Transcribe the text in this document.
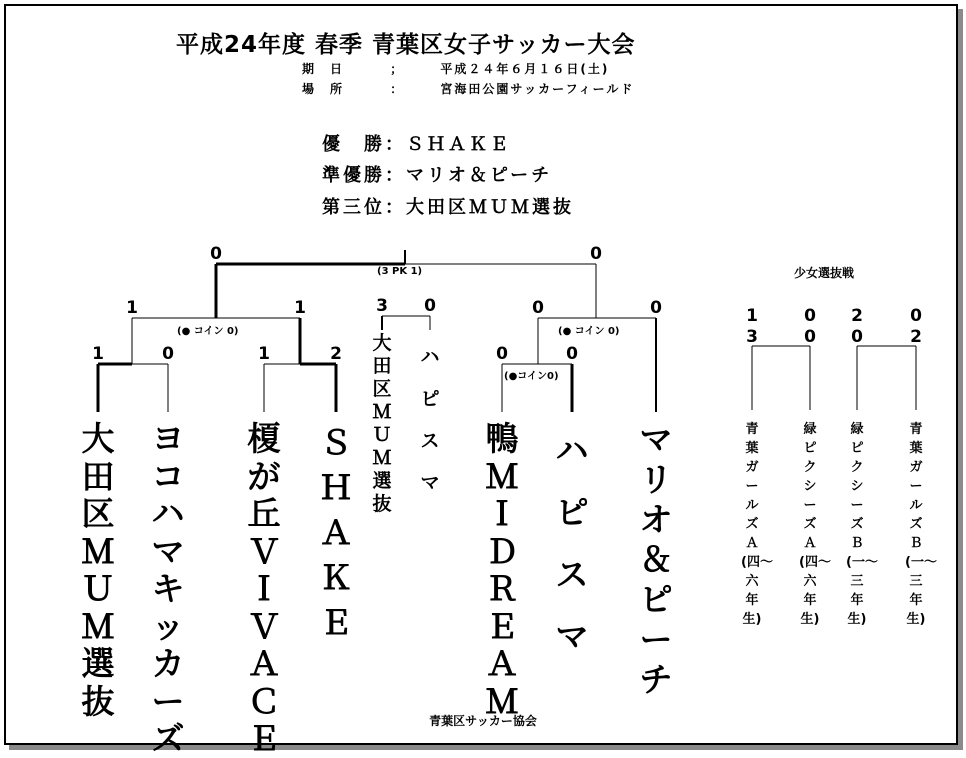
平成24年度 春季 青葉区女子サッカー大会
期　日	；	平成２４年６月１６日(土)
場　所	：	宮海田公園サッカーフィールド
優　勝：ＳＨＡＫＥ
準優勝：マリオ＆ピーチ
第三位：大田区ＭＵＭ選抜
0	0
(3 PK 1)
3	0
1	1
(● コイン 0)
0	0
(● コイン 0)
1	0	1	2	0	0
(●コイン0)
少女選抜戦
1	0	2	0
3	0	0	2
大田区ＭＵＭ選抜
ヨコハマキッカーズ
榎が丘ＶＩＶＡＣＥ
ＳＨＡＫＥ
鴨ＭＩＤＲＥＡＭ
ハピスマ
マリオ＆ピーチ
大田区ＭＵＭ選抜
ハピスマ
青葉ガールズＡ(四〜六年生)
緑ピクシーズＡ(四〜六年生)
緑ピクシーズＢ(一〜三年生)
青葉ガールズＢ(一〜三年生)
青葉区サッカー協会
